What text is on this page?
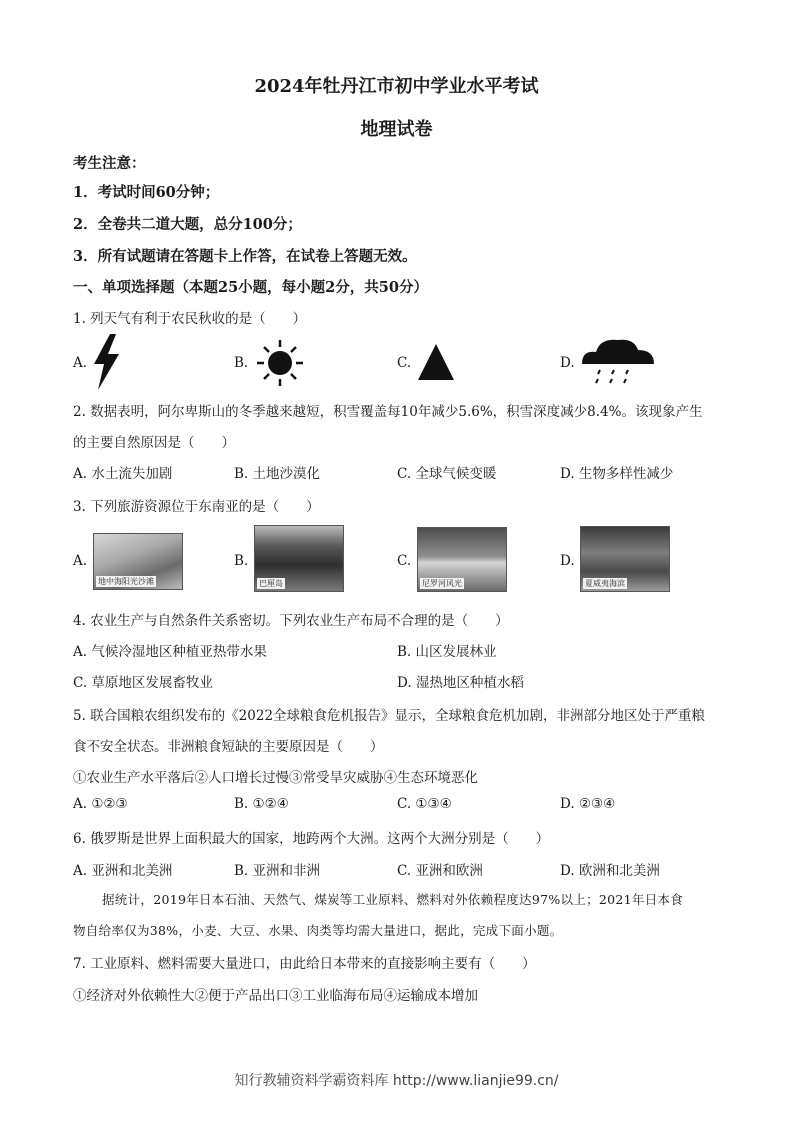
2024年牡丹江市初中学业水平考试
地理试卷
考生注意：
1．考试时间60分钟；
2．全卷共二道大题，总分100分；
3．所有试题请在答题卡上作答，在试卷上答题无效。
一、单项选择题（本题25小题，每小题2分，共50分）
1. 列天气有利于农民秋收的是（　　）
A.	B.	C.	D.
2. 数据表明，阿尔卑斯山的冬季越来越短，积雪覆盖每10年减少5.6%，积雪深度减少8.4%。该现象产生
的主要自然原因是（　　）
A. 水土流失加剧	B. 土地沙漠化	C. 全球气候变暖	D. 生物多样性减少
3. 下列旅游资源位于东南亚的是（　　）
A.
地中海阳光沙滩
B.
巴厘岛
C.
尼罗河风光
D.
夏威夷海滨
4. 农业生产与自然条件关系密切。下列农业生产布局不合理的是（　　）
A. 气候冷湿地区种植亚热带水果	B. 山区发展林业
C. 草原地区发展畜牧业	D. 湿热地区种植水稻
5. 联合国粮农组织发布的《2022全球粮食危机报告》显示，全球粮食危机加剧，非洲部分地区处于严重粮
食不安全状态。非洲粮食短缺的主要原因是（　　）
①农业生产水平落后②人口增长过慢③常受旱灾威胁④生态环境恶化
A. ①②③	B. ①②④	C. ①③④	D. ②③④
6. 俄罗斯是世界上面积最大的国家，地跨两个大洲。这两个大洲分别是（　　）
A. 亚洲和北美洲	B. 亚洲和非洲	C. 亚洲和欧洲	D. 欧洲和北美洲
据统计，2019年日本石油、天然气、煤炭等工业原料、燃料对外依赖程度达97%以上；2021年日本食
物自给率仅为38%，小麦、大豆、水果、肉类等均需大量进口，据此，完成下面小题。
7. 工业原料、燃料需要大量进口，由此给日本带来的直接影响主要有（　　）
①经济对外依赖性大②便于产品出口③工业临海布局④运输成本增加
知行教辅资料学霸资料库 http://www.lianjie99.cn/
